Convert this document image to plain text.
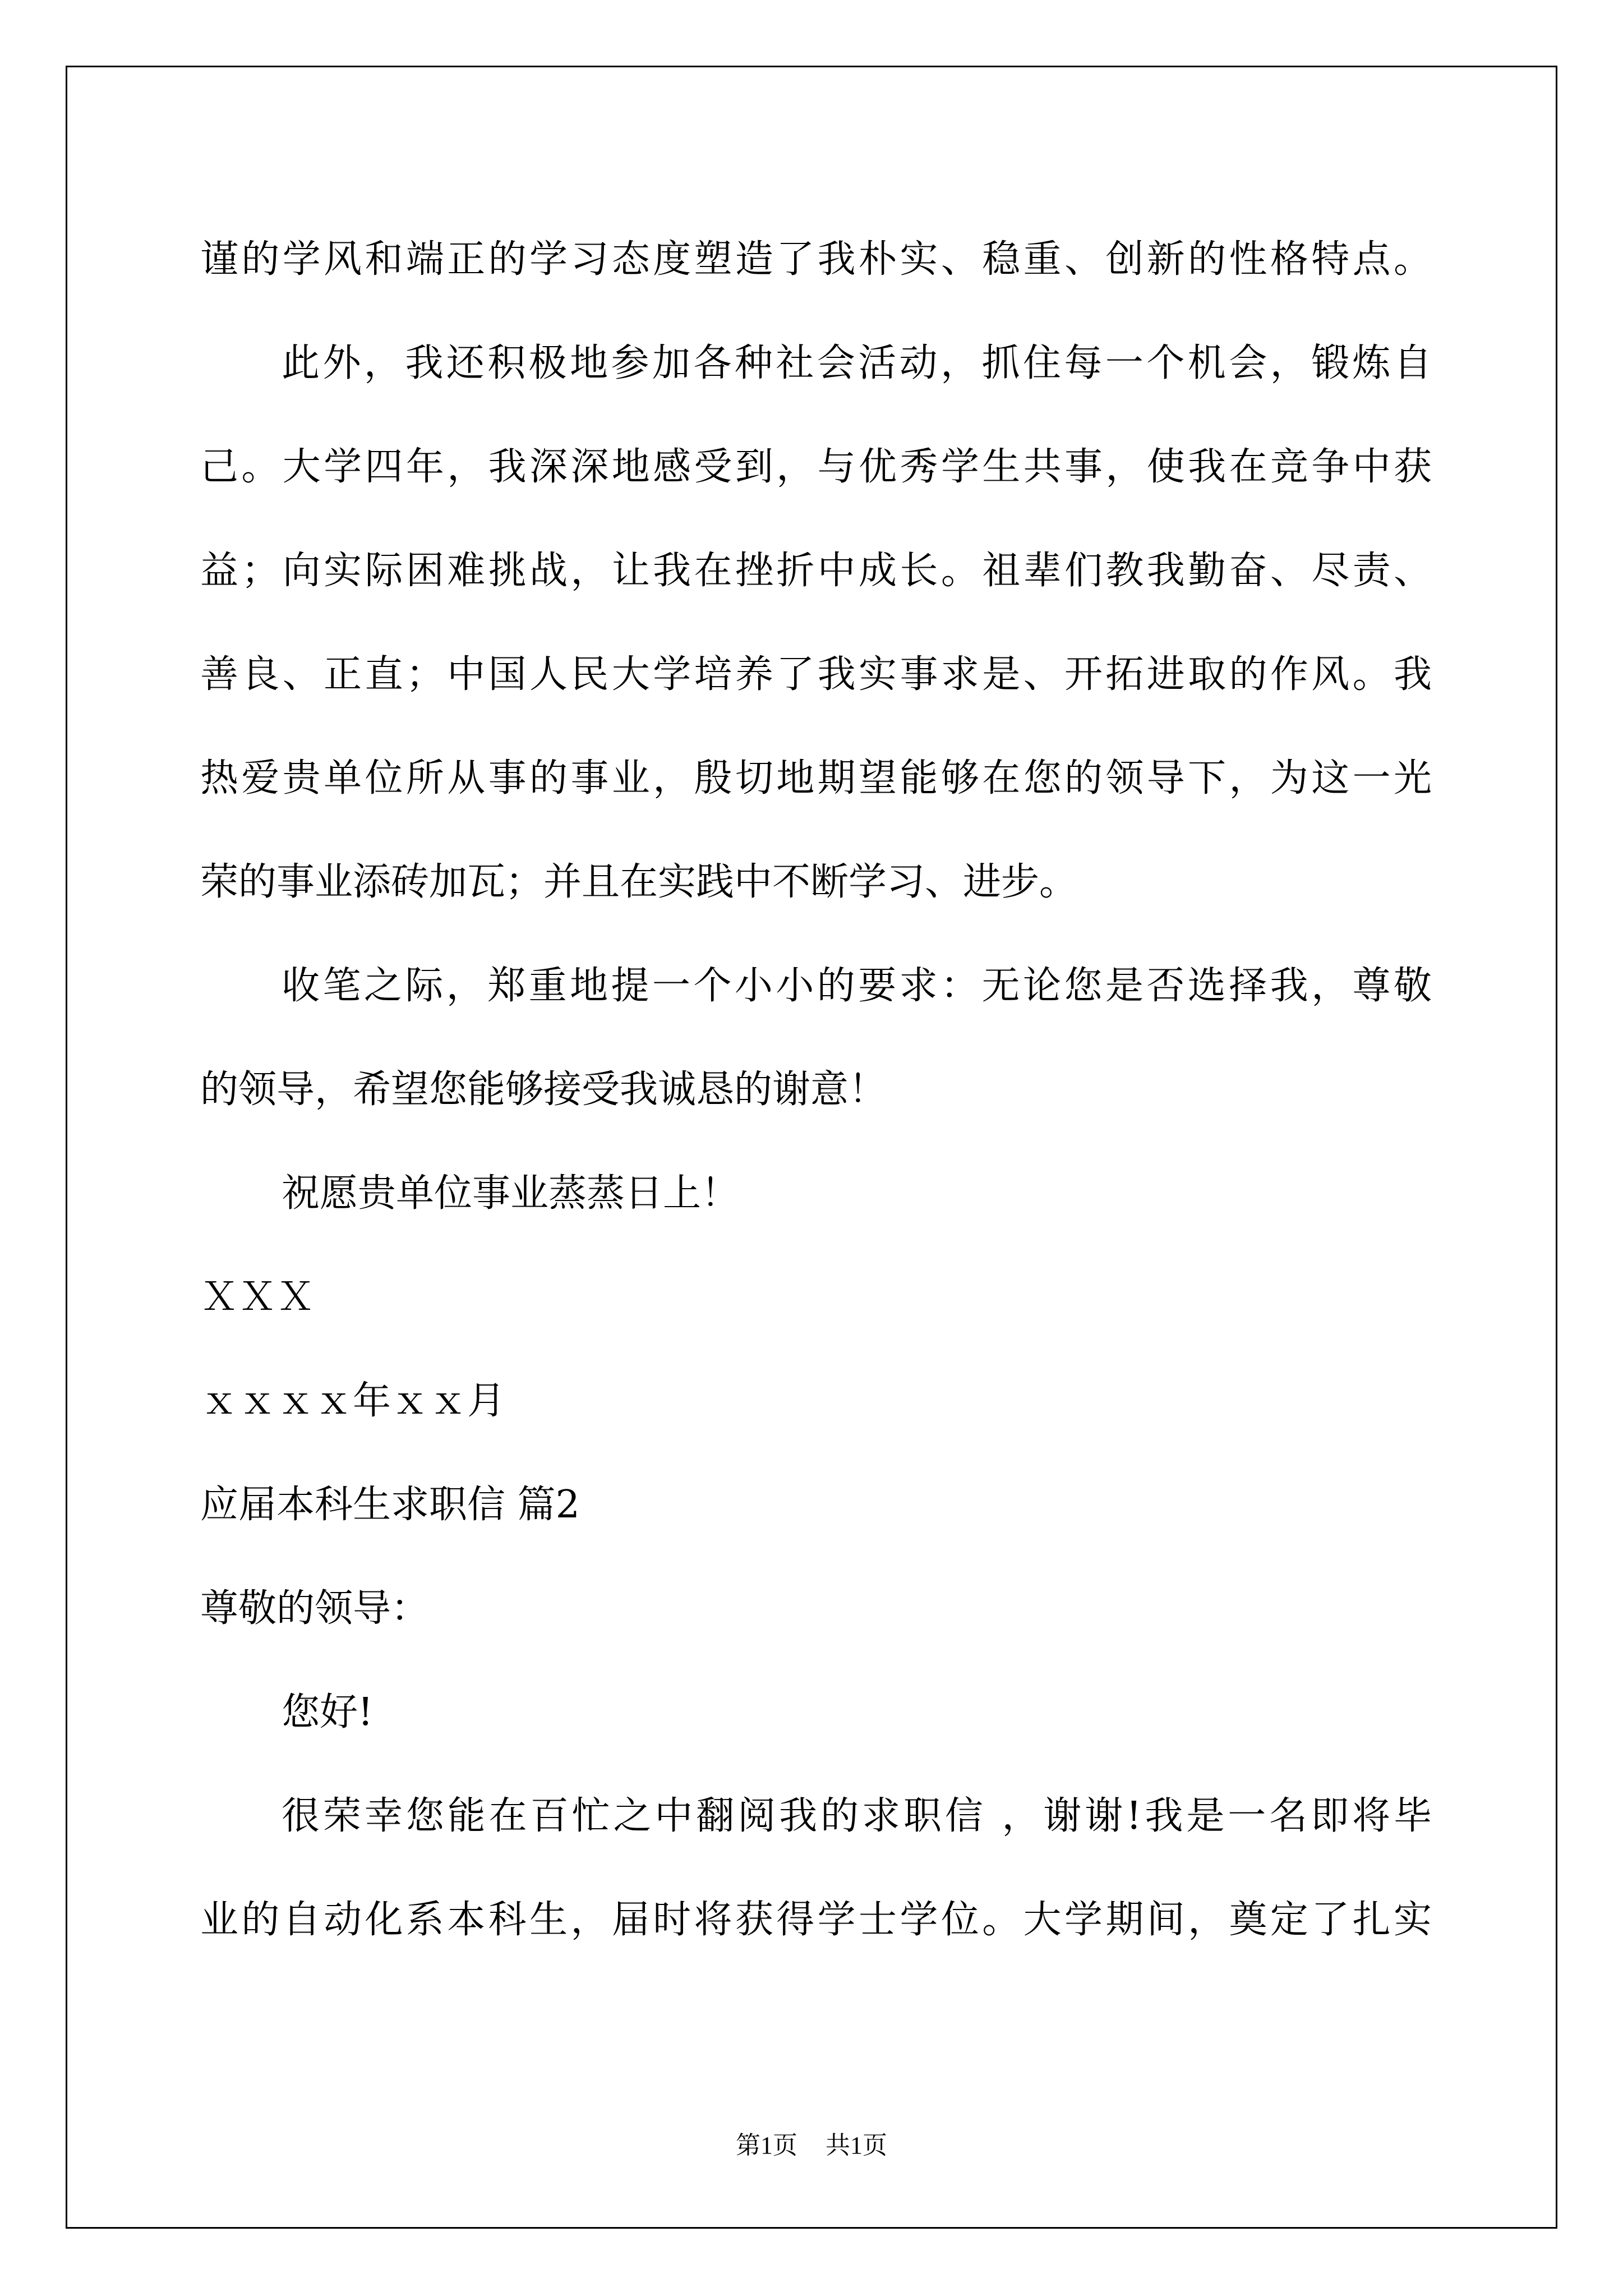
谨的学风和端正的学习态度塑造了我朴实、稳重、创新的性格特点。
此外，我还积极地参加各种社会活动，抓住每一个机会，锻炼自
己。大学四年，我深深地感受到，与优秀学生共事，使我在竞争中获
益；向实际困难挑战，让我在挫折中成长。祖辈们教我勤奋、尽责、
善良、正直；中国人民大学培养了我实事求是、开拓进取的作风。我
热爱贵单位所从事的事业，殷切地期望能够在您的领导下，为这一光
荣的事业添砖加瓦；并且在实践中不断学习、进步。
收笔之际，郑重地提一个小小的要求：无论您是否选择我，尊敬
的领导，希望您能够接受我诚恳的谢意！
祝愿贵单位事业蒸蒸日上！
ＸＸＸ
ｘｘｘｘ年ｘｘ月
应届本科生求职信 篇2
尊敬的领导：
您好!
很荣幸您能在百忙之中翻阅我的求职信 ，谢谢!我是一名即将毕
业的自动化系本科生，届时将获得学士学位。大学期间，奠定了扎实
第1页 共1页
